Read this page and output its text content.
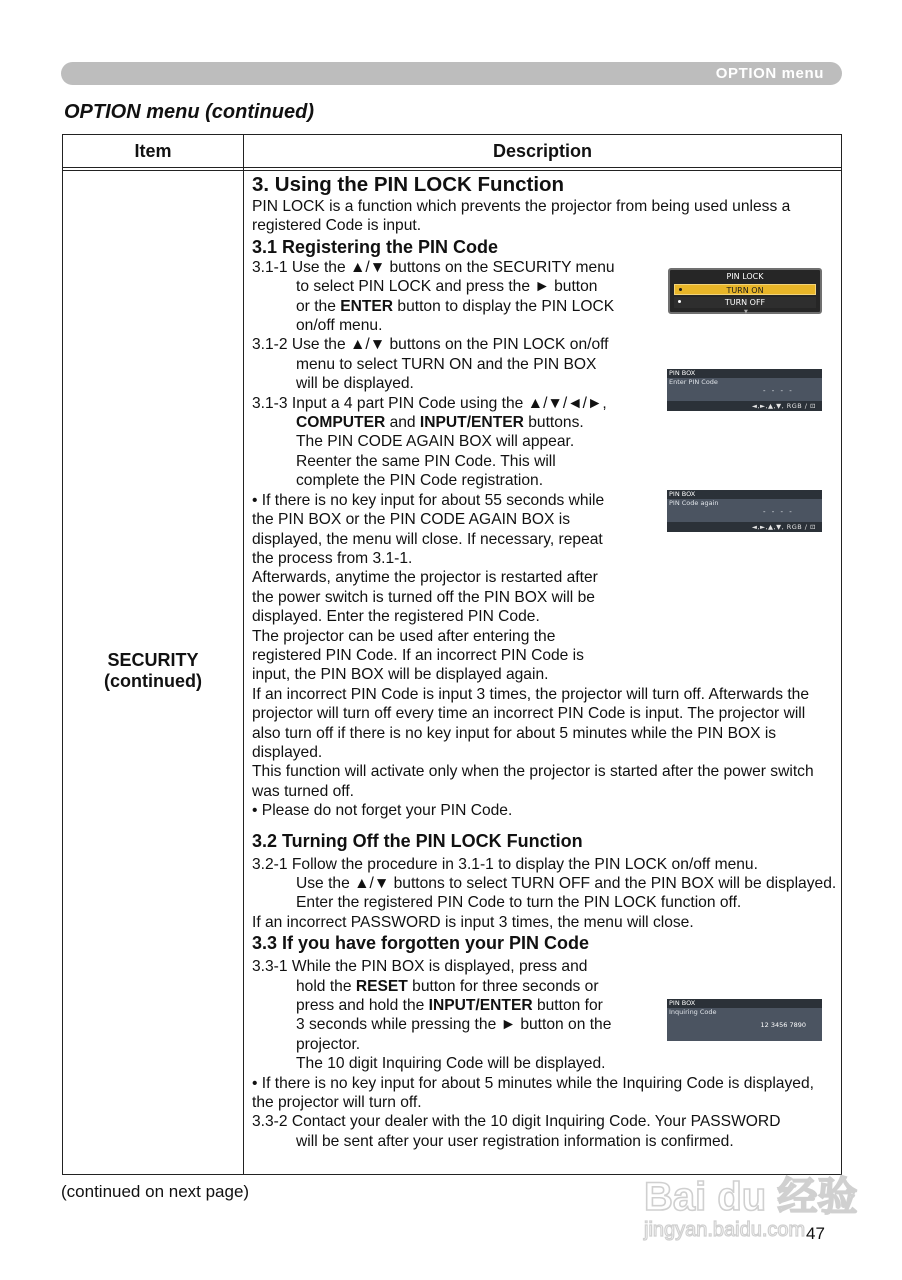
OPTION menu
OPTION menu (continued)
Item	Description
SECURITY
(continued)

3. Using the PIN LOCK Function

PIN LOCK is a function which prevents the projector from being used unless a registered Code is input.

3.1 Registering the PIN Code

3.1-1 Use the ▲/▼ buttons on the SECURITY menu

to select PIN LOCK and press the ► button

or the ENTER button to display the PIN LOCK

on/off menu.

3.1-2 Use the ▲/▼ buttons on the PIN LOCK on/off

menu to select TURN ON and the PIN BOX

will be displayed.

3.1-3 Input a 4 part PIN Code using the ▲/▼/◄/►,

COMPUTER and INPUT/ENTER buttons.

The PIN CODE AGAIN BOX will appear.

Reenter the same PIN Code. This will

complete the PIN Code registration.

• If there is no key input for about 55 seconds while

the PIN BOX or the PIN CODE AGAIN BOX is

displayed, the menu will close. If necessary, repeat

the process from 3.1-1.

Afterwards, anytime the projector is restarted after

the power switch is turned off the PIN BOX will be

displayed. Enter the registered PIN Code.

The projector can be used after entering the

registered PIN Code. If an incorrect PIN Code is

input, the PIN BOX will be displayed again.

If an incorrect PIN Code is input 3 times, the projector will turn off. Afterwards the projector will turn off every time an incorrect PIN Code is input. The projector will also turn off if there is no key input for about 5 minutes while the PIN BOX is displayed.

This function will activate only when the projector is started after the power switch was turned off.

• Please do not forget your PIN Code.

3.2 Turning Off the PIN LOCK Function

3.2-1 Follow the procedure in 3.1-1 to display the PIN LOCK on/off menu.

Use the ▲/▼ buttons to select TURN OFF and the PIN BOX will be displayed.

Enter the registered PIN Code to turn the PIN LOCK function off.

If an incorrect PASSWORD is input 3 times, the menu will close.

3.3 If you have forgotten your PIN Code

3.3-1 While the PIN BOX is displayed, press and

hold the RESET button for three seconds or

press and hold the INPUT/ENTER button for

3 seconds while pressing the ► button on the

projector.

The 10 digit Inquiring Code will be displayed.

• If there is no key input for about 5 minutes while the Inquiring Code is displayed, the projector will turn off.

3.3-2 Contact your dealer with the 10 digit Inquiring Code. Your PASSWORD

will be sent after your user registration information is confirmed.

PIN LOCK
TURN ON
TURN OFF
▼
PIN BOX
Enter PIN Code
- - - -
◄,►,▲,▼, RGB / ⊡
PIN BOX
PIN Code again
- - - -
◄,►,▲,▼, RGB / ⊡
PIN BOX
Inquiring Code
12 3456 7890
(continued on next page)
47
Bai du 经验
jingyan.baidu.com
